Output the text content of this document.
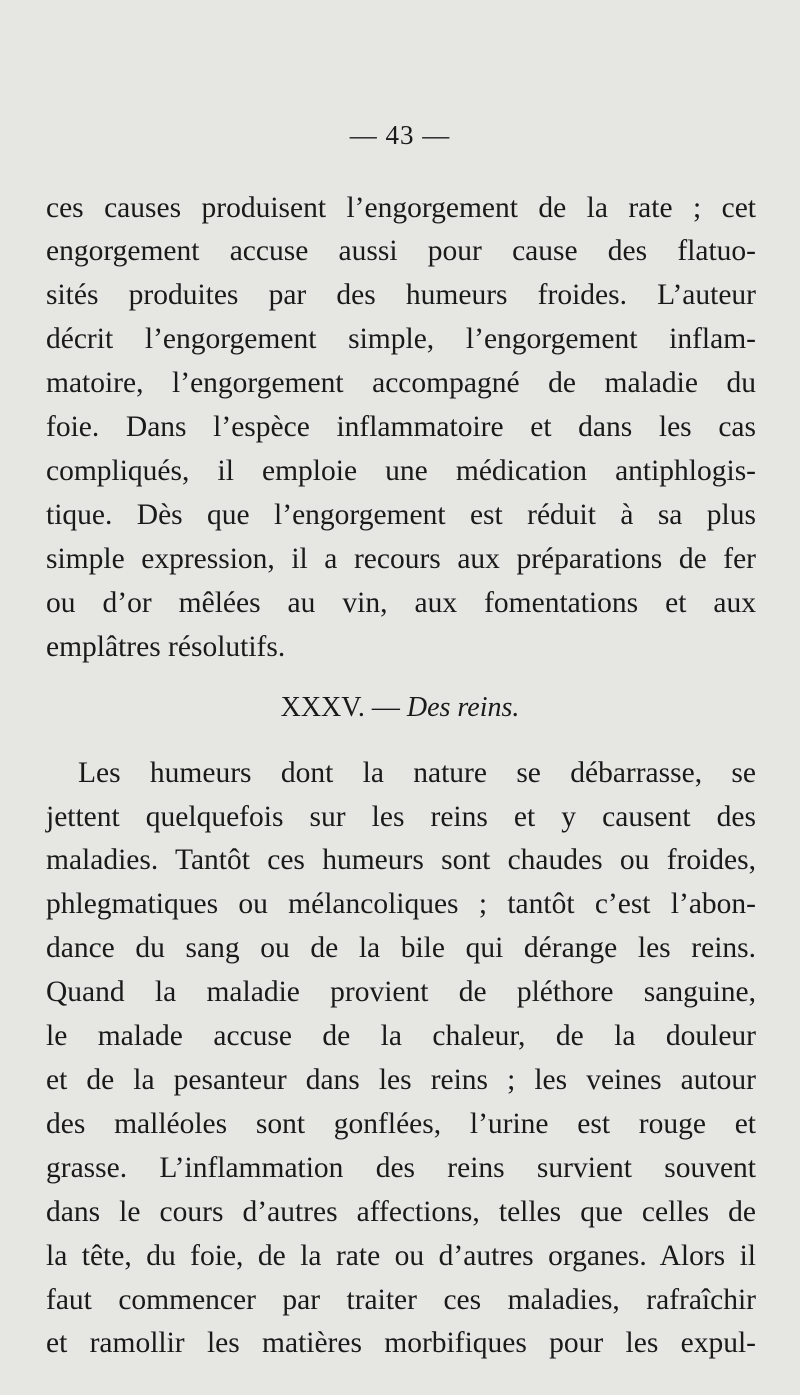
— 43 —
ces causes produisent l’engorgement de la rate ; cet
engorgement accuse aussi pour cause des flatuo-
sités produites par des humeurs froides. L’auteur
décrit l’engorgement simple, l’engorgement inflam-
matoire, l’engorgement accompagné de maladie du
foie. Dans l’espèce inflammatoire et dans les cas
compliqués, il emploie une médication antiphlogis-
tique. Dès que l’engorgement est réduit à sa plus
simple expression, il a recours aux préparations de fer
ou d’or mêlées au vin, aux fomentations et aux
emplâtres résolutifs.
XXXV. — Des reins.
Les humeurs dont la nature se débarrasse, se
jettent quelquefois sur les reins et y causent des
maladies. Tantôt ces humeurs sont chaudes ou froides,
phlegmatiques ou mélancoliques ; tantôt c’est l’abon-
dance du sang ou de la bile qui dérange les reins.
Quand la maladie provient de pléthore sanguine,
le malade accuse de la chaleur, de la douleur
et de la pesanteur dans les reins ; les veines autour
des malléoles sont gonflées, l’urine est rouge et
grasse. L’inflammation des reins survient souvent
dans le cours d’autres affections, telles que celles de
la tête, du foie, de la rate ou d’autres organes. Alors il
faut commencer par traiter ces maladies, rafraîchir
et ramollir les matières morbifiques pour les expul-
